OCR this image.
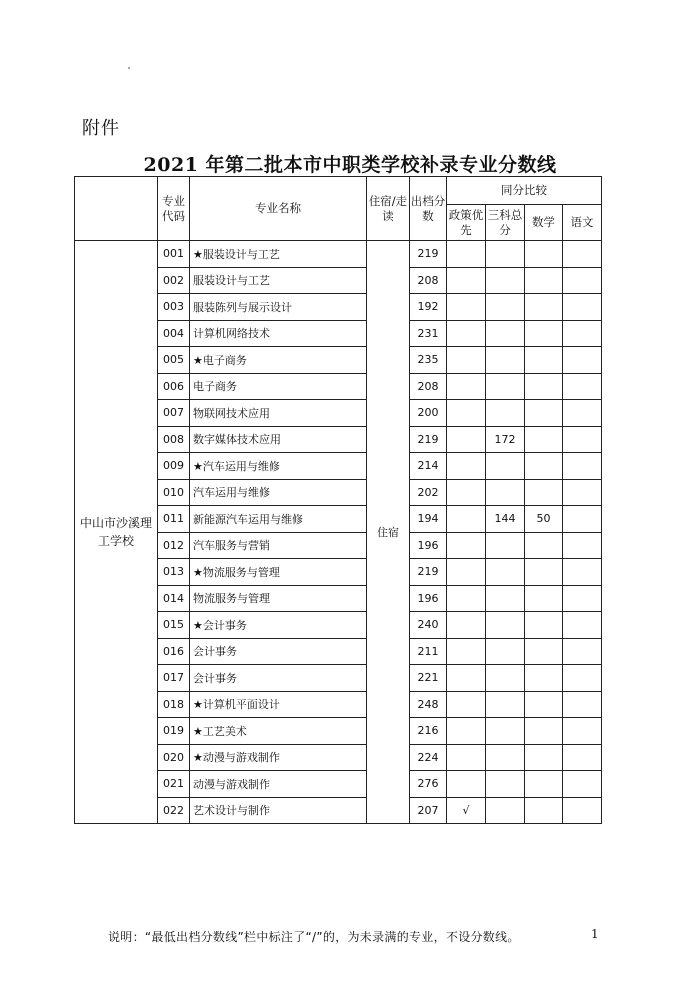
附件
2021 年第二批本市中职类学校补录专业分数线
	专业代码	专业名称	住宿/走读	出档分数	同分比较			
					政策优先	三科总分	数学	语文
中山市沙溪理工学校	001	★服装设计与工艺	住宿	219				
	002	服装设计与工艺		208				
	003	服装陈列与展示设计		192				
	004	计算机网络技术		231				
	005	★电子商务		235				
	006	电子商务		208				
	007	物联网技术应用		200				
	008	数字媒体技术应用		219		172		
	009	★汽车运用与维修		214				
	010	汽车运用与维修		202				
	011	新能源汽车运用与维修		194		144	50	
	012	汽车服务与营销		196				
	013	★物流服务与管理		219				
	014	物流服务与管理		196				
	015	★会计事务		240				
	016	会计事务		211				
	017	会计事务		221				
	018	★计算机平面设计		248				
	019	★工艺美术		216				
	020	★动漫与游戏制作		224				
	021	动漫与游戏制作		276				
	022	艺术设计与制作		207	√			
说明：“最低出档分数线”栏中标注了“/”的，为未录满的专业，不设分数线。	1
